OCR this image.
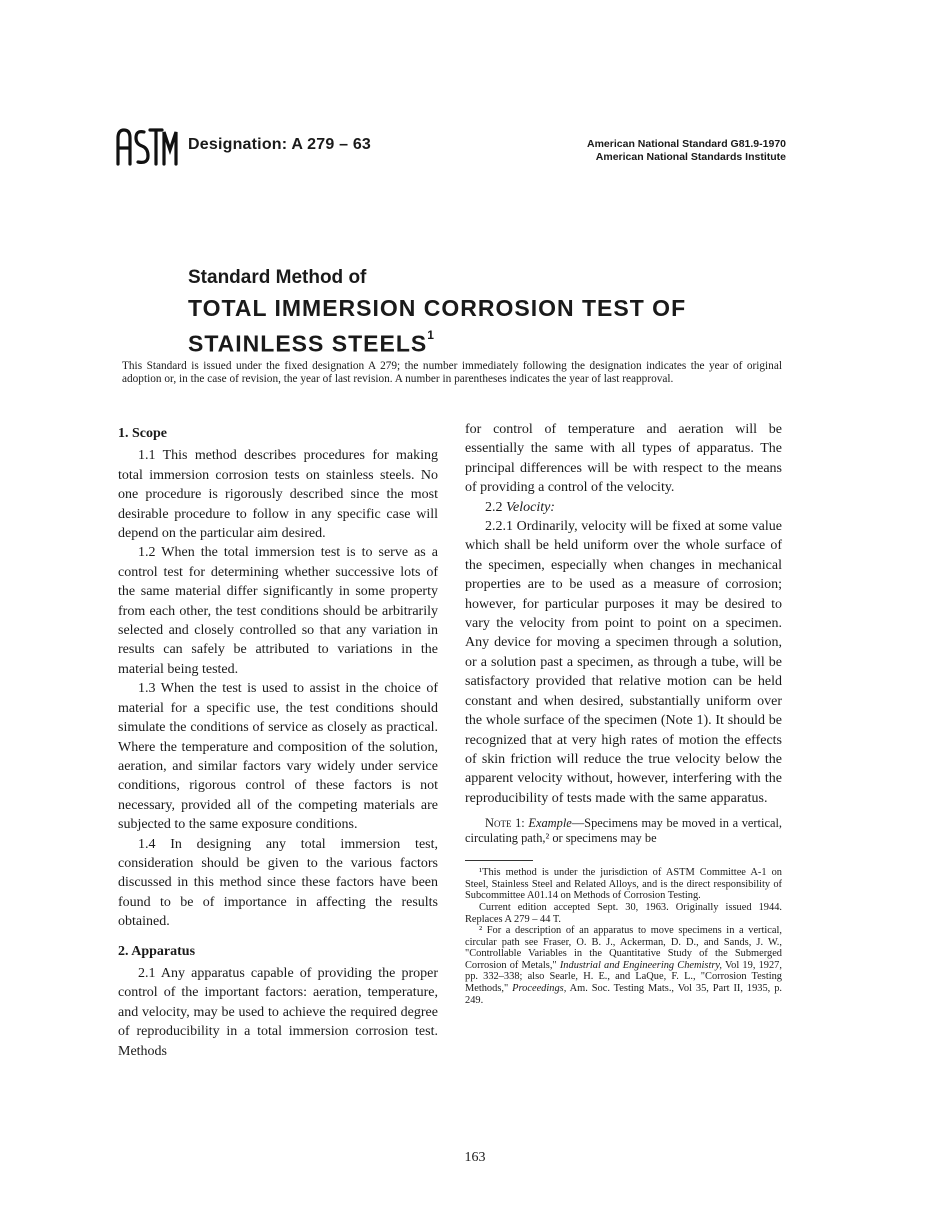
Designation: A 279 – 63	American National Standard G81.9-1970
American National Standards Institute
Standard Method of
TOTAL IMMERSION CORROSION TEST OF
STAINLESS STEELS$^1$
This Standard is issued under the fixed designation A 279; the number immediately following the designation indicates the year of original adoption or, in the case of revision, the year of last revision. A number in parentheses indicates the year of last reapproval.
1. Scope

1.1 This method describes procedures for making total immersion corrosion tests on stainless steels. No one procedure is rigorously described since the most desirable procedure to follow in any specific case will depend on the particular aim desired.

1.2 When the total immersion test is to serve as a control test for determining whether successive lots of the same material differ significantly in some property from each other, the test conditions should be arbitrarily selected and closely controlled so that any variation in results can safely be attributed to variations in the material being tested.

1.3 When the test is used to assist in the choice of material for a specific use, the test conditions should simulate the conditions of service as closely as practical. Where the temperature and composition of the solution, aeration, and similar factors vary widely under service conditions, rigorous control of these factors is not necessary, provided all of the competing materials are subjected to the same exposure conditions.

1.4 In designing any total immersion test, consideration should be given to the various factors discussed in this method since these factors have been found to be of importance in affecting the results obtained.

2. Apparatus

2.1 Any apparatus capable of providing the proper control of the important factors: aeration, temperature, and velocity, may be used to achieve the required degree of reproducibility in a total immersion corrosion test. Methods

for control of temperature and aeration will be essentially the same with all types of apparatus. The principal differences will be with respect to the means of providing a control of the velocity.

2.2 Velocity:

2.2.1 Ordinarily, velocity will be fixed at some value which shall be held uniform over the whole surface of the specimen, especially when changes in mechanical properties are to be used as a measure of corrosion; however, for particular purposes it may be desired to vary the velocity from point to point on a specimen. Any device for moving a specimen through a solution, or a solution past a specimen, as through a tube, will be satisfactory provided that relative motion can be held constant and when desired, substantially uniform over the whole surface of the specimen (Note 1). It should be recognized that at very high rates of motion the effects of skin friction will reduce the true velocity below the apparent velocity without, however, interfering with the reproducibility of tests made with the same apparatus.

Note 1: Example—Specimens may be moved in a vertical, circulating path,² or specimens may be

¹This method is under the jurisdiction of ASTM Committee A-1 on Steel, Stainless Steel and Related Alloys, and is the direct responsibility of Subcommittee A01.14 on Methods of Corrosion Testing.

Current edition accepted Sept. 30, 1963. Originally issued 1944. Replaces A 279 – 44 T.

² For a description of an apparatus to move specimens in a vertical, circular path see Fraser, O. B. J., Ackerman, D. D., and Sands, J. W., "Controllable Variables in the Quantitative Study of the Submerged Corrosion of Metals," Industrial and Engineering Chemistry, Vol 19, 1927, pp. 332–338; also Searle, H. E., and LaQue, F. L., "Corrosion Testing Methods," Proceedings, Am. Soc. Testing Mats., Vol 35, Part II, 1935, p. 249.

163
